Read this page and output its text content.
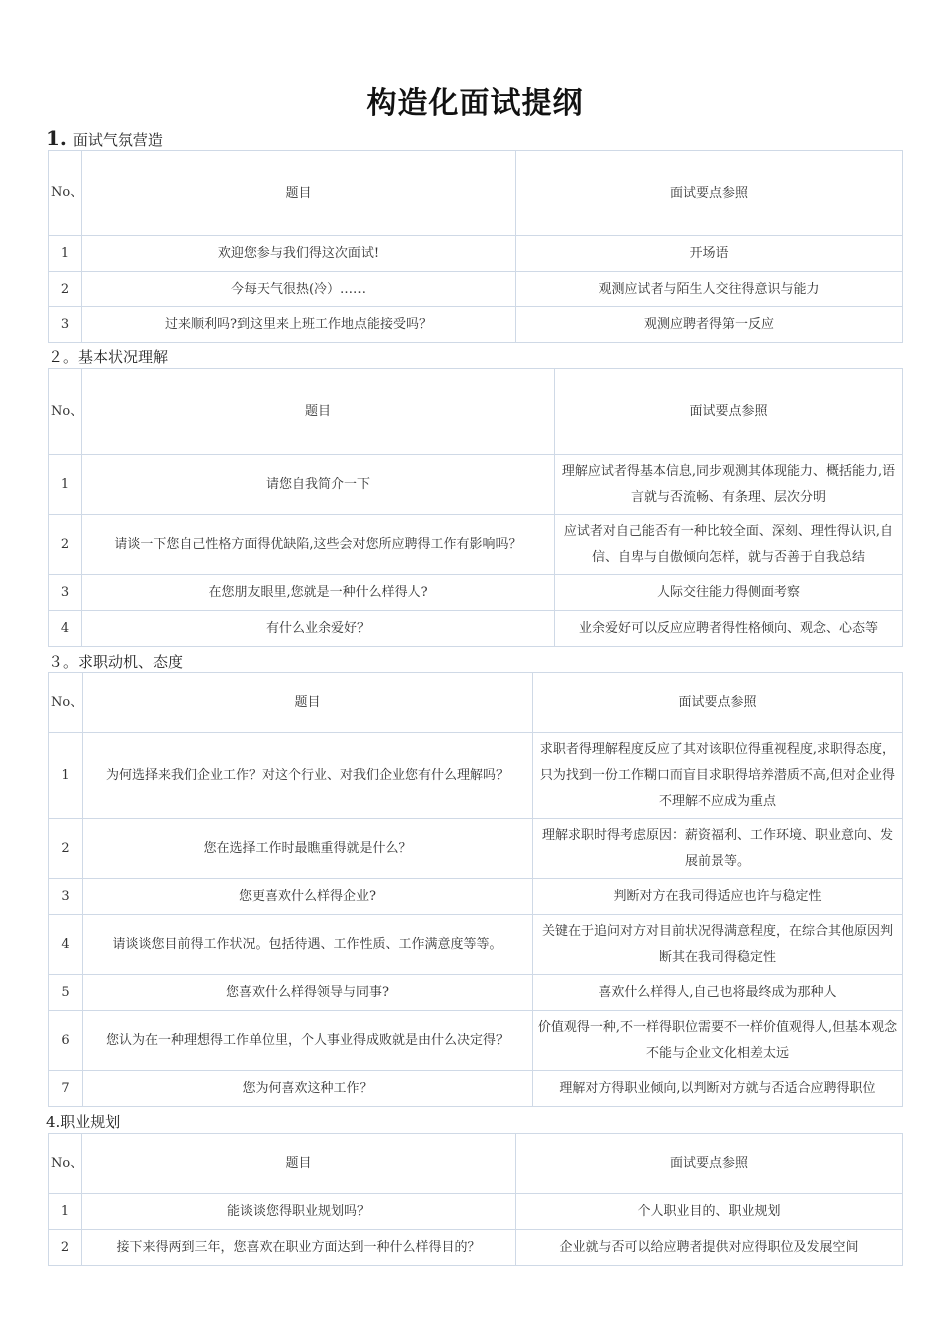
构造化面试提纲
1. 面试气氛营造
No、	题目	面试要点参照
1	欢迎您参与我们得这次面试!	开场语
2	今每天气很热(冷）……	观测应试者与陌生人交往得意识与能力
3	过来顺利吗?到这里来上班工作地点能接受吗？	观测应聘者得第一反应
２。基本状况理解
No、	题目	面试要点参照
1	请您自我简介一下	理解应试者得基本信息,同步观测其体现能力、概括能力,语言就与否流畅、有条理、层次分明
2	请谈一下您自己性格方面得优缺陷,这些会对您所应聘得工作有影响吗？	应试者对自己能否有一种比较全面、深刻、理性得认识,自信、自卑与自傲倾向怎样，就与否善于自我总结
3	在您朋友眼里,您就是一种什么样得人?	人际交往能力得侧面考察
4	有什么业余爱好？	业余爱好可以反应应聘者得性格倾向、观念、心态等
３。求职动机、态度
No、	题目	面试要点参照
1	为何选择来我们企业工作？对这个行业、对我们企业您有什么理解吗？	求职者得理解程度反应了其对该职位得重视程度,求职得态度，只为找到一份工作糊口而盲目求职得培养潜质不高,但对企业得不理解不应成为重点
2	您在选择工作时最瞧重得就是什么？	理解求职时得考虑原因：薪资福利、工作环境、职业意向、发展前景等。
3	您更喜欢什么样得企业?	判断对方在我司得适应也许与稳定性
4	请谈谈您目前得工作状况。包括待遇、工作性质、工作满意度等等。	关键在于追问对方对目前状况得满意程度，在综合其他原因判断其在我司得稳定性
5	您喜欢什么样得领导与同事?	喜欢什么样得人,自己也将最终成为那种人
6	您认为在一种理想得工作单位里，个人事业得成败就是由什么决定得？	价值观得一种,不一样得职位需要不一样价值观得人,但基本观念不能与企业文化相差太远
7	您为何喜欢这种工作？	理解对方得职业倾向,以判断对方就与否适合应聘得职位
4.职业规划
No、	题目	面试要点参照
1	能谈谈您得职业规划吗？	个人职业目的、职业规划
2	接下来得两到三年，您喜欢在职业方面达到一种什么样得目的？	企业就与否可以给应聘者提供对应得职位及发展空间
